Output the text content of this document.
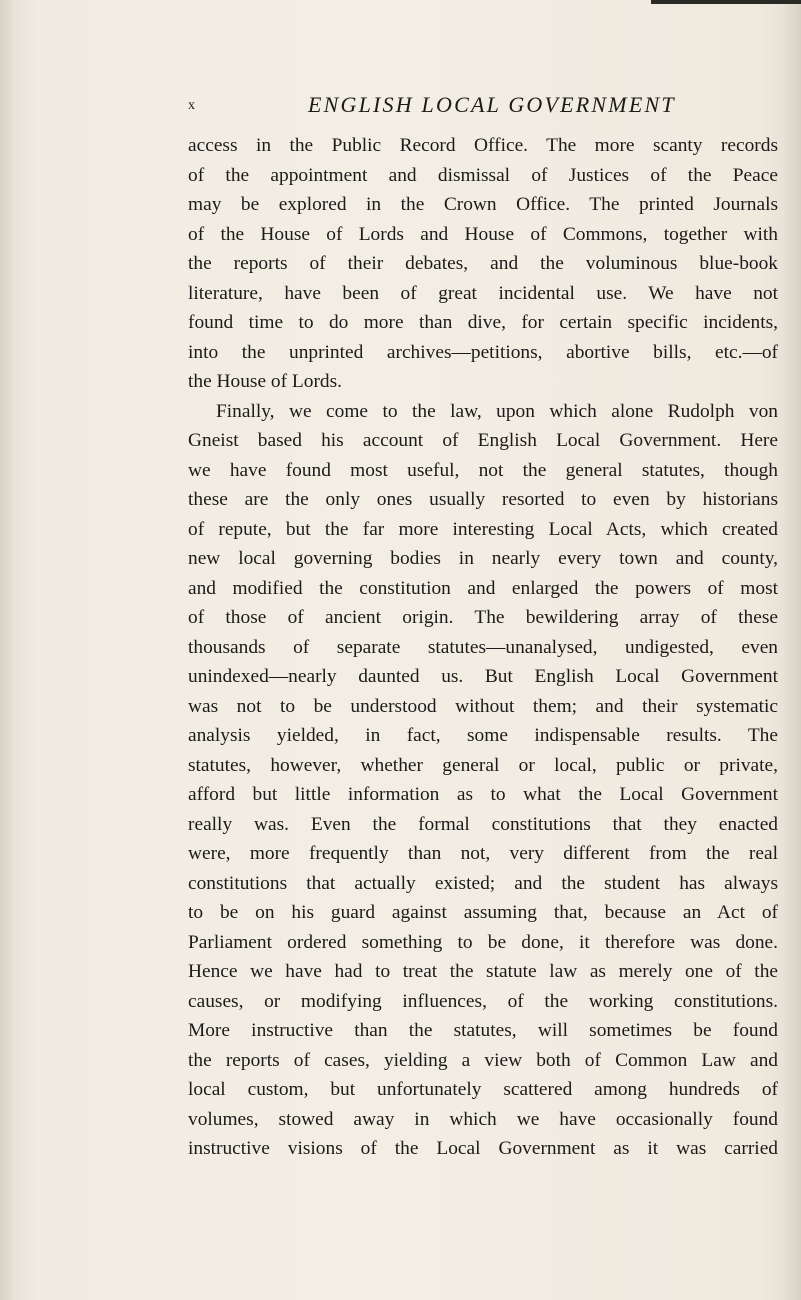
x	ENGLISH LOCAL GOVERNMENT
access in the Public Record Office. The more scanty records
of the appointment and dismissal of Justices of the Peace
may be explored in the Crown Office. The printed Journals
of the House of Lords and House of Commons, together with
the reports of their debates, and the voluminous blue-book
literature, have been of great incidental use. We have not
found time to do more than dive, for certain specific incidents,
into the unprinted archives—petitions, abortive bills, etc.—of
the House of Lords.
Finally, we come to the law, upon which alone Rudolph von
Gneist based his account of English Local Government. Here
we have found most useful, not the general statutes, though
these are the only ones usually resorted to even by historians
of repute, but the far more interesting Local Acts, which created
new local governing bodies in nearly every town and county,
and modified the constitution and enlarged the powers of most
of those of ancient origin. The bewildering array of these
thousands of separate statutes—unanalysed, undigested, even
unindexed—nearly daunted us. But English Local Government
was not to be understood without them; and their systematic
analysis yielded, in fact, some indispensable results. The
statutes, however, whether general or local, public or private,
afford but little information as to what the Local Government
really was. Even the formal constitutions that they enacted
were, more frequently than not, very different from the real
constitutions that actually existed; and the student has always
to be on his guard against assuming that, because an Act of
Parliament ordered something to be done, it therefore was done.
Hence we have had to treat the statute law as merely one of the
causes, or modifying influences, of the working constitutions.
More instructive than the statutes, will sometimes be found
the reports of cases, yielding a view both of Common Law and
local custom, but unfortunately scattered among hundreds of
volumes, stowed away in which we have occasionally found
instructive visions of the Local Government as it was carried
